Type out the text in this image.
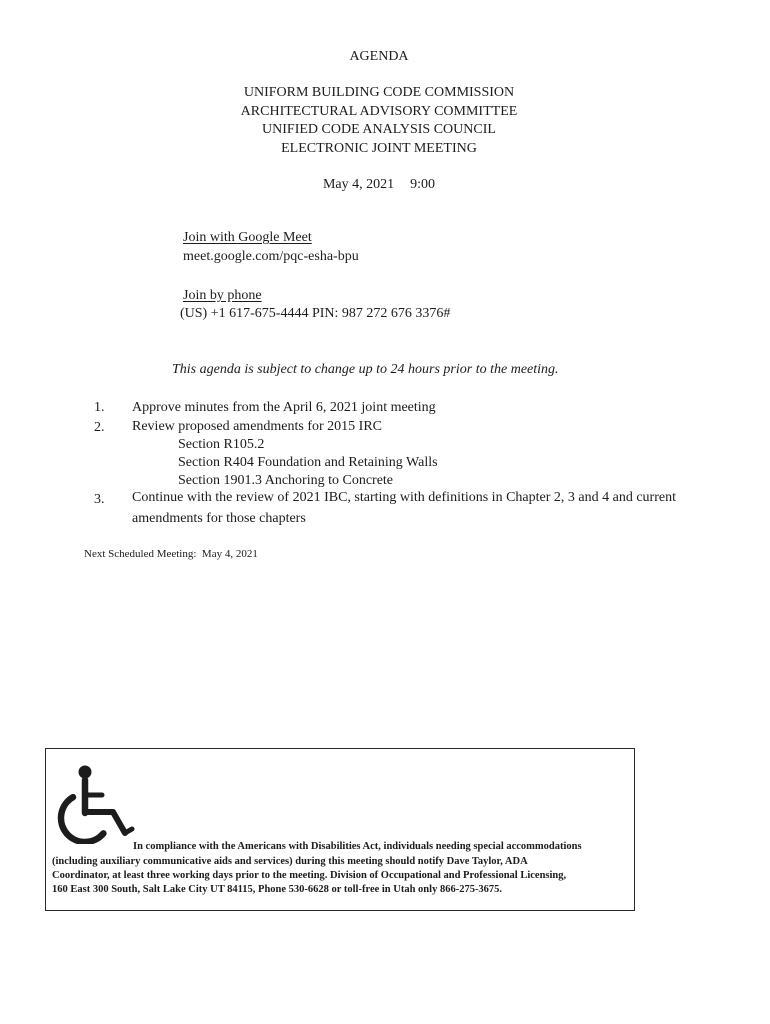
AGENDA
UNIFORM BUILDING CODE COMMISSION
ARCHITECTURAL ADVISORY COMMITTEE
UNIFIED CODE ANALYSIS COUNCIL
ELECTRONIC JOINT MEETING
May 4, 2021 9:00
Join with Google Meet
meet.google.com/pqc-esha-bpu
Join by phone
(US) +1 617-675-4444 PIN: 987 272 676 3376#
This agenda is subject to change up to 24 hours prior to the meeting.
1. Approve minutes from the April 6, 2021 joint meeting
2. Review proposed amendments for 2015 IRC
Section R105.2
Section R404 Foundation and Retaining Walls
Section 1901.3 Anchoring to Concrete
3. Continue with the review of 2021 IBC, starting with definitions in Chapter 2, 3 and 4 and current
amendments for those chapters
Next Scheduled Meeting: May 4, 2021
In compliance with the Americans with Disabilities Act, individuals needing special accommodations
(including auxiliary communicative aids and services) during this meeting should notify Dave Taylor, ADA
Coordinator, at least three working days prior to the meeting. Division of Occupational and Professional Licensing,
160 East 300 South, Salt Lake City UT 84115, Phone 530-6628 or toll-free in Utah only 866-275-3675.
